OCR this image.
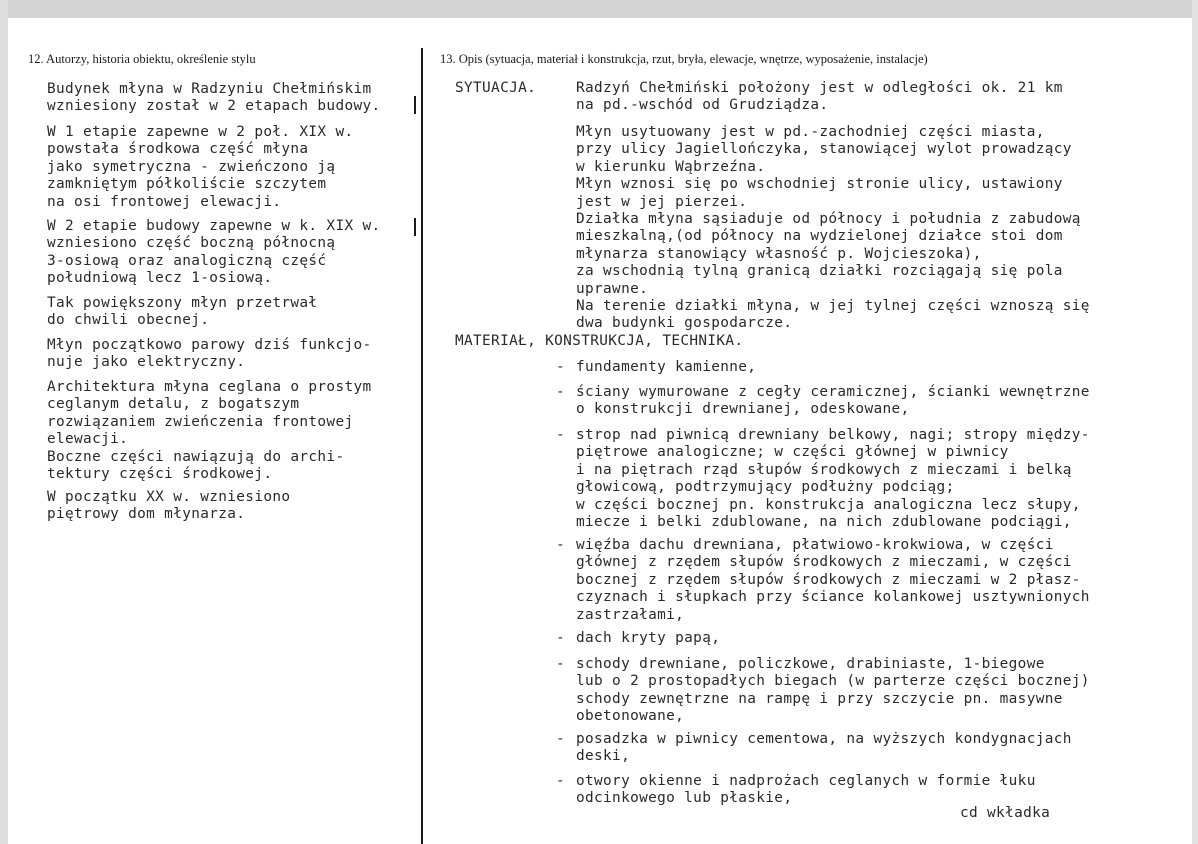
12. Autorzy, historia obiektu, określenie stylu

Budynek młyna w Radzyniu Chełmińskim
wzniesiony został w 2 etapach budowy.

W 1 etapie zapewne w 2 poł. XIX w.
powstała środkowa część młyna
jako symetryczna - zwieńczono ją
zamkniętym półkoliście szczytem
na osi frontowej elewacji.

W 2 etapie budowy zapewne w k. XIX w.
wzniesiono część boczną północną
3-osiową oraz analogiczną część
południową lecz 1-osiową.

Tak powiększony młyn przetrwał
do chwili obecnej.

Młyn początkowo parowy dziś funkcjo-
nuje jako elektryczny.

Architektura młyna ceglana o prostym
ceglanym detalu, z bogatszym
rozwiązaniem zwieńczenia frontowej
elewacji.
Boczne części nawiązują do archi-
tektury części środkowej.

W początku XX w. wzniesiono
piętrowy dom młynarza.

13. Opis (sytuacja, materiał i konstrukcja, rzut, bryła, elewacje, wnętrze, wyposażenie, instalacje)

SYTUACJA.	Radzyń Chełmiński położony jest w odległości ok. 21 km
na pd.-wschód od Grudziądza.

Młyn usytuowany jest w pd.-zachodniej części miasta,
przy ulicy Jagiellończyka, stanowiącej wylot prowadzący
w kierunku Wąbrzeźna.
Młyn wznosi się po wschodniej stronie ulicy, ustawiony
jest w jej pierzei.
Działka młyna sąsiaduje od północy i południa z zabudową
mieszkalną,(od północy na wydzielonej działce stoi dom
młynarza stanowiący własność p. Wojcieszoka),
za wschodnią tylną granicą działki rozciągają się pola
uprawne.
Na terenie działki młyna, w jej tylnej części wznoszą się
dwa budynki gospodarcze.

MATERIAŁ, KONSTRUKCJA, TECHNIKA.

- fundamenty kamienne,

- ściany wymurowane z cegły ceramicznej, ścianki wewnętrzne
o konstrukcji drewnianej, odeskowane,

- strop nad piwnicą drewniany belkowy, nagi; stropy między-
piętrowe analogiczne; w części głównej w piwnicy
i na piętrach rząd słupów środkowych z mieczami i belką
głowicową, podtrzymujący podłużny podciąg;
w części bocznej pn. konstrukcja analogiczna lecz słupy,
miecze i belki zdublowane, na nich zdublowane podciągi,

- więźba dachu drewniana, płatwiowo-krokwiowa, w części
głównej z rzędem słupów środkowych z mieczami, w części
bocznej z rzędem słupów środkowych z mieczami w 2 płasz-
czyznach i słupkach przy ściance kolankowej usztywnionych
zastrzałami,

- dach kryty papą,

- schody drewniane, policzkowe, drabiniaste, 1-biegowe
lub o 2 prostopadłych biegach (w parterze części bocznej)
schody zewnętrzne na rampę i przy szczycie pn. masywne
obetonowane,

- posadzka w piwnicy cementowa, na wyższych kondygnacjach
deski,

- otwory okienne i nadprożach ceglanych w formie łuku
odcinkowego lub płaskie,

cd wkładka
